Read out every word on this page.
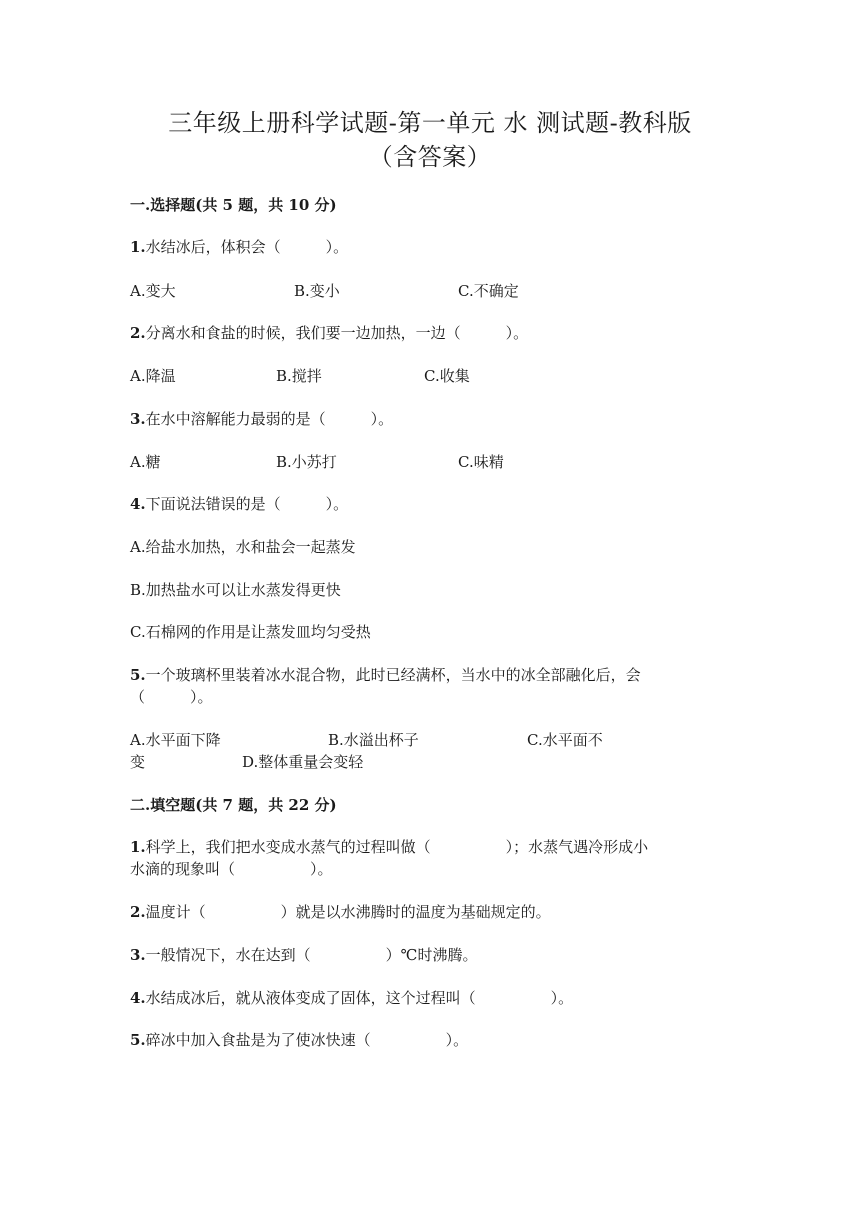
三年级上册科学试题-第一单元 水 测试题-教科版
（含答案）
一.选择题(共 5 题，共 10 分)
1.水结冰后，体积会（　　　）。
A.变大	B.变小	C.不确定
2.分离水和食盐的时候，我们要一边加热，一边（　　　）。
A.降温	B.搅拌	C.收集
3.在水中溶解能力最弱的是（　　　）。
A.糖	B.小苏打	C.味精
4.下面说法错误的是（　　　）。
A.给盐水加热，水和盐会一起蒸发
B.加热盐水可以让水蒸发得更快
C.石棉网的作用是让蒸发皿均匀受热
5.一个玻璃杯里装着冰水混合物，此时已经满杯，当水中的冰全部融化后，会
（　　　）。
A.水平面下降	B.水溢出杯子	C.水平面不
变	D.整体重量会变轻
二.填空题(共 7 题，共 22 分)
1.科学上，我们把水变成水蒸气的过程叫做（　　　　　）；水蒸气遇冷形成小
水滴的现象叫（　　　　　）。
2.温度计（　　　　　）就是以水沸腾时的温度为基础规定的。
3.一般情况下，水在达到（　　　　　）℃时沸腾。
4.水结成冰后，就从液体变成了固体，这个过程叫（　　　　　）。
5.碎冰中加入食盐是为了使冰快速（　　　　　）。
